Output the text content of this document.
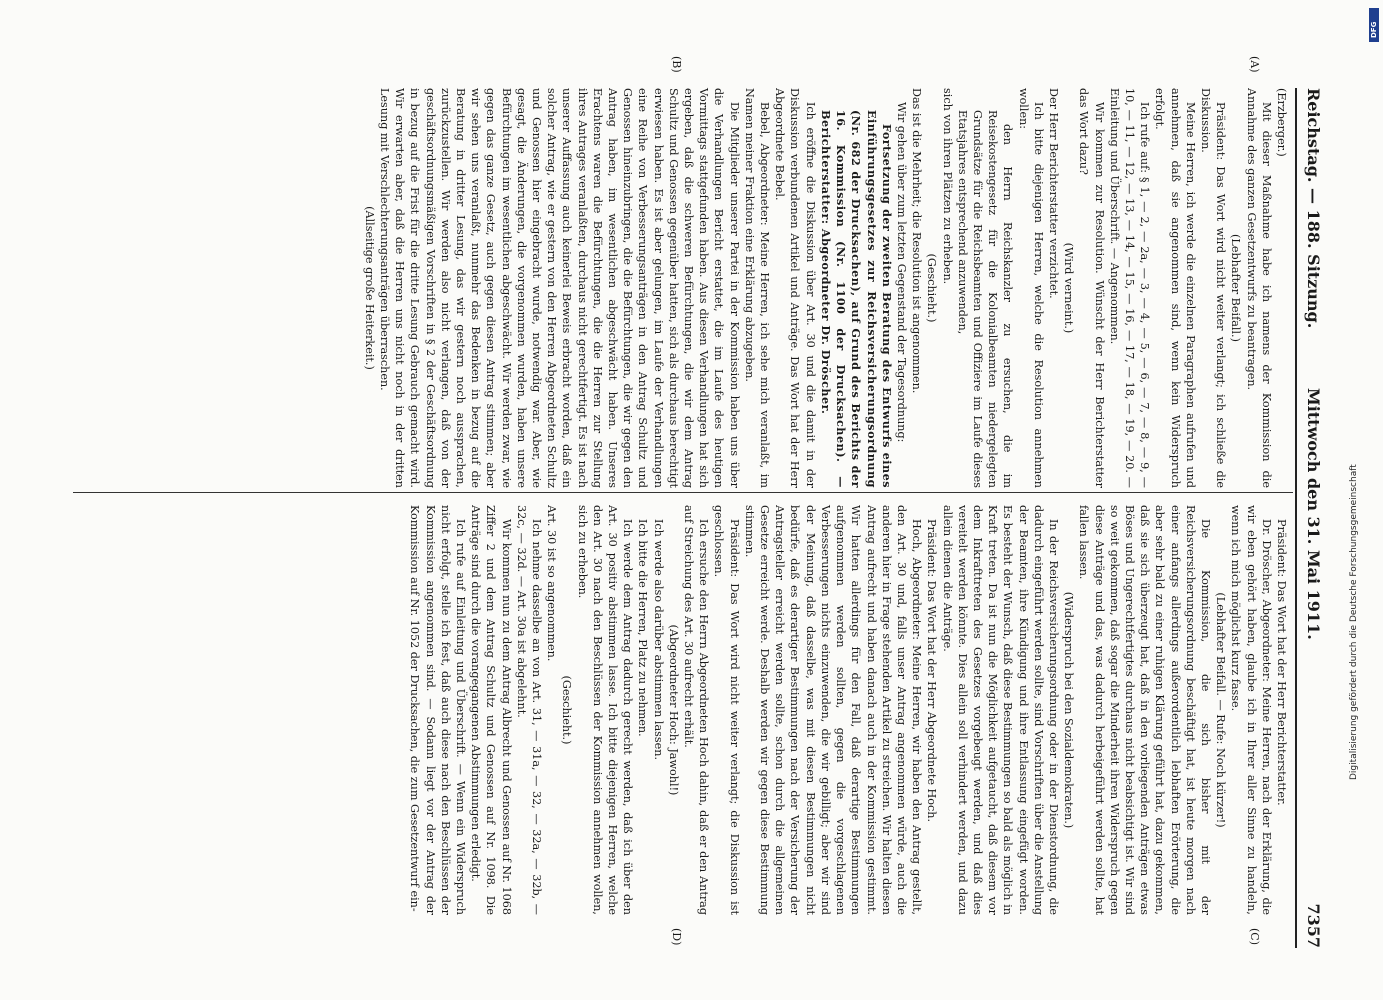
Reichstag. — 188. Sitzung.
Mittwoch den 31. Mai 1911.
7357
(A)
(B)
(C)
(D)

(Erzberger.)

Mit dieser Maßnahme habe ich namens der Kommission die Annahme des ganzen Gesetzentwurfs zu beantragen.

(Lebhafter Beifall.)

Präsident: Das Wort wird nicht weiter verlangt; ich schließe die Diskussion.

Meine Herren, ich werde die einzelnen Paragraphen aufrufen und annehmen, daß sie angenommen sind, wenn kein Widerspruch erfolgt.

Ich rufe auf: § 1, — 2, — 2a, — 3, — 4, — 5, — 6, — 7, — 8, — 9, — 10, — 11, — 12, — 13, — 14, — 15, — 16, — 17, — 18, — 19, — 20. — Einleitung und Überschrift. — Angenommen.

Wir kommen zur Resolution. Wünscht der Herr Berichterstatter das Wort dazu?

(Wird verneint.)

Der Herr Berichterstatter verzichtet.

Ich bitte diejenigen Herren, welche die Resolution annehmen wollen:

den Herrn Reichskanzler zu ersuchen, die im Reisekostengesetz für die Kolonialbeamten niedergelegten Grundsätze für die Reichsbeamten und Offiziere im Laufe dieses Etatsjahres entsprechend anzuwenden,

sich von ihren Plätzen zu erheben.

(Geschieht.)

Das ist die Mehrheit; die Resolution ist angenommen.

Wir gehen über zum letzten Gegenstand der Tagesordnung:

Fortsetzung der zweiten Beratung des Entwurfs eines Einführungsgesetzes zur Reichsversicherungsordnung (Nr. 682 der Drucksachen), auf Grund des Berichts der 16. Kommission (Nr. 1100 der Drucksachen). — Berichterstatter: Abgeordneter Dr. Dröscher.

Ich eröffne die Diskussion über Art. 30 und die damit in der Diskussion verbundenen Artikel und Anträge. Das Wort hat der Herr Abgeordnete Bebel.

Bebel, Abgeordneter: Meine Herren, ich sehe mich veranlaßt, im Namen meiner Fraktion eine Erklärung abzugeben.

Die Mitglieder unserer Partei in der Kommission haben uns über die Verhandlungen Bericht erstattet, die im Laufe des heutigen Vormittags stattgefunden haben. Aus diesen Verhandlungen hat sich ergeben, daß die schweren Befürchtungen, die wir dem Antrag Schultz und Genossen gegenüber hatten, sich als durchaus berechtigt erwiesen haben. Es ist aber gelungen, im Laufe der Verhandlungen eine Reihe von Verbesserungsanträgen in den Antrag Schultz und Genossen hineinzubringen, die die Befürchtungen, die wir gegen den Antrag haben, im wesentlichen abgeschwächt haben. Unseres Erachtens waren die Befürchtungen, die die Herren zur Stellung ihres Antrages veranlaßten, durchaus nicht gerechtfertigt. Es ist nach unserer Auffassung auch keinerlei Beweis erbracht worden, daß ein solcher Antrag, wie er gestern von den Herren Abgeordneten Schultz und Genossen hier eingebracht wurde, notwendig war. Aber, wie gesagt, die Änderungen, die vorgenommen wurden, haben unsere Befürchtungen im wesentlichen abgeschwächt. Wir werden zwar, wie gegen das ganze Gesetz, auch gegen diesen Antrag stimmen; aber wir sehen uns veranlaßt, nunmehr das Bedenken in bezug auf die Beratung in dritter Lesung, das wir gestern noch aussprachen, zurückzustellen. Wir werden also nicht verlangen, daß von der geschäftsordnungsmäßigen Vorschriften in § 2 der Geschäftsordnung in bezug auf die Frist für die dritte Lesung Gebrauch gemacht wird. Wir erwarten aber, daß die Herren uns nicht noch in der dritten Lesung mit Verschlechterungsanträgen überraschen.

(Allseitige große Heiterkeit.)

Präsident: Das Wort hat der Herr Berichterstatter.

Dr. Dröscher, Abgeordneter: Meine Herren, nach der Erklärung, die wir eben gehört haben, glaube ich in Ihrer aller Sinne zu handeln, wenn ich mich möglichst kurz fasse.

(Lebhafter Beifall. — Rufe: Noch kürzer!)

Die Kommission, die sich bisher mit der Reichsversicherungsordnung beschäftigt hat, ist heute morgen nach einer anfangs allerdings außerordentlich lebhaften Erörterung, die aber sehr bald zu einer ruhigen Klärung geführt hat, dazu gekommen, daß sie sich überzeugt hat, daß in den vorliegenden Anträgen etwas Böses und Ungerechtfertigtes durchaus nicht beabsichtigt ist. Wir sind so weit gekommen, daß sogar die Minderheit ihren Widerspruch gegen diese Anträge und das, was dadurch herbeigeführt werden sollte, hat fallen lassen.

(Widerspruch bei den Sozialdemokraten.)

In der Reichsversicherungsordnung oder in der Dienstordnung, die dadurch eingeführt werden sollte, sind Vorschriften über die Anstellung der Beamten, ihre Kündigung und ihre Entlassung eingefügt worden. Es besteht der Wunsch, daß diese Bestimmungen so bald als möglich in Kraft treten. Da ist nun die Möglichkeit aufgetaucht, daß diesem vor dem Inkrafttreten des Gesetzes vorgebeugt werden, und daß dies vereitelt werden könnte. Dies allein soll verhindert werden, und dazu allein dienen die Anträge.

Präsident: Das Wort hat der Herr Abgeordnete Hoch.

Hoch, Abgeordneter: Meine Herren, wir haben den Antrag gestellt, den Art. 30 und, falls unser Antrag angenommen würde, auch die anderen hier in Frage stehenden Artikel zu streichen. Wir halten diesen Antrag aufrecht und haben danach auch in der Kommission gestimmt. Wir hatten allerdings für den Fall, daß derartige Bestimmungen aufgenommen werden sollten, gegen die vorgeschlagenen Verbesserungen nichts einzuwenden, die wir gebilligt; aber wir sind der Meinung, daß dasselbe, was mit diesen Bestimmungen nicht bedürfe, daß es derartiger Bestimmungen nach der Versicherung der Antragsteller erreicht werden sollte, schon durch die allgemeinen Gesetze erreicht werde. Deshalb werden wir gegen diese Bestimmung stimmen.

Präsident: Das Wort wird nicht weiter verlangt; die Diskussion ist geschlossen.

Ich ersuche den Herrn Abgeordneten Hoch dahin, daß er den Antrag auf Streichung des Art. 30 aufrecht erhält.

(Abgeordneter Hoch: Jawohl!)

Ich werde also darüber abstimmen lassen.

Ich bitte die Herren, Platz zu nehmen.

Ich werde dem Antrag dadurch gerecht werden, daß ich über den Art. 30 positiv abstimmen lasse. Ich bitte diejenigen Herren, welche den Art. 30 nach den Beschlüssen der Kommission annehmen wollen, sich zu erheben.

(Geschieht.)

Art. 30 ist so angenommen.

Ich nehme dasselbe an von Art. 31, — 31a, — 32, — 32a, — 32b, — 32c, — 32d. — Art. 30a ist abgelehnt.

Wir kommen nun zu dem Antrag Albrecht und Genossen auf Nr. 1068 Ziffer 2 und dem Antrag Schultz und Genossen auf Nr. 1098. Die Anträge sind durch die vorangegangenen Abstimmungen erledigt.

Ich rufe auf Einleitung und Überschrift. — Wenn ein Widerspruch nicht erfolgt, stelle ich fest, daß auch diese nach den Beschlüssen der Kommission angenommen sind. — Sodann liegt vor der Antrag der Kommission auf Nr. 1052 der Drucksachen, die zum Gesetzentwurf ein-	Digitalisierung gefördert durch die Deutsche Forschungsgemeinschaft
DFG
